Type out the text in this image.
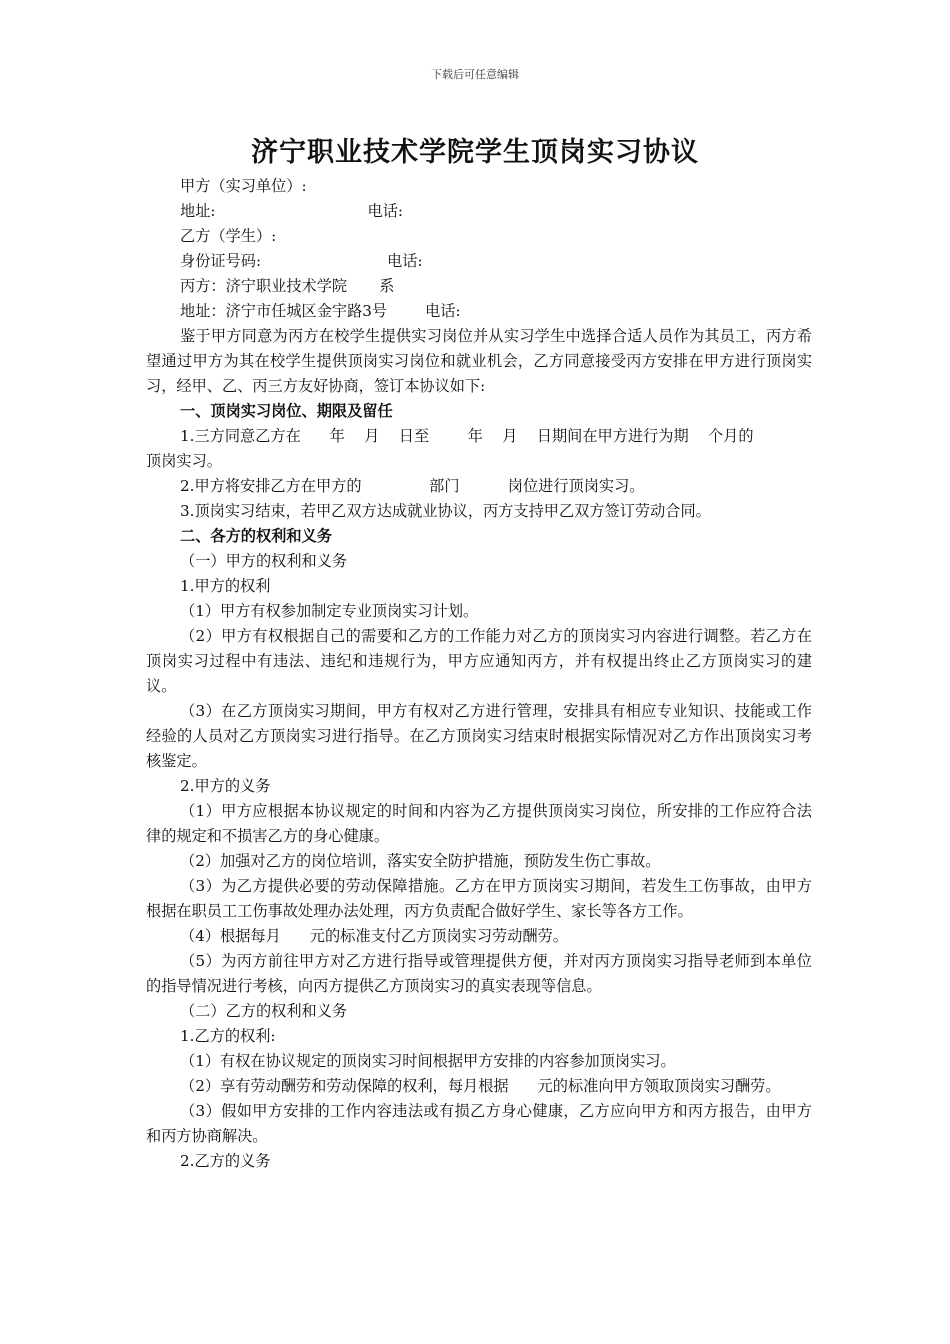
下载后可任意编辑
济宁职业技术学院学生顶岗实习协议
甲方（实习单位）:
地址:	电话:
乙方（学生）:
身份证号码:	电话:
丙方：济宁职业技术学院 系
地址：济宁市任城区金宇路3号	电话:
鉴于甲方同意为丙方在校学生提供实习岗位并从实习学生中选择合适人员作为其员工，丙方希望通过甲方为其在校学生提供顶岗实习岗位和就业机会，乙方同意接受丙方安排在甲方进行顶岗实习，经甲、乙、丙三方友好协商，签订本协议如下:
一、顶岗实习岗位、期限及留任
1.三方同意乙方在      年    月    日至        年    月    日期间在甲方进行为期    个月的
顶岗实习。
2.甲方将安排乙方在甲方的              部门          岗位进行顶岗实习。
3.顶岗实习结束，若甲乙双方达成就业协议，丙方支持甲乙双方签订劳动合同。
二、各方的权利和义务
（一）甲方的权利和义务
1.甲方的权利
（1）甲方有权参加制定专业顶岗实习计划。
（2）甲方有权根据自己的需要和乙方的工作能力对乙方的顶岗实习内容进行调整。若乙方在顶岗实习过程中有违法、违纪和违规行为，甲方应通知丙方，并有权提出终止乙方顶岗实习的建议。
（3）在乙方顶岗实习期间，甲方有权对乙方进行管理，安排具有相应专业知识、技能或工作经验的人员对乙方顶岗实习进行指导。在乙方顶岗实习结束时根据实际情况对乙方作出顶岗实习考核鉴定。
2.甲方的义务
（1）甲方应根据本协议规定的时间和内容为乙方提供顶岗实习岗位，所安排的工作应符合法律的规定和不损害乙方的身心健康。
（2）加强对乙方的岗位培训，落实安全防护措施，预防发生伤亡事故。
（3）为乙方提供必要的劳动保障措施。乙方在甲方顶岗实习期间，若发生工伤事故，由甲方根据在职员工工伤事故处理办法处理，丙方负责配合做好学生、家长等各方工作。
（4）根据每月      元的标准支付乙方顶岗实习劳动酬劳。
（5）为丙方前往甲方对乙方进行指导或管理提供方便，并对丙方顶岗实习指导老师到本单位的指导情况进行考核，向丙方提供乙方顶岗实习的真实表现等信息。
（二）乙方的权利和义务
1.乙方的权利:
（1）有权在协议规定的顶岗实习时间根据甲方安排的内容参加顶岗实习。
（2）享有劳动酬劳和劳动保障的权利，每月根据      元的标准向甲方领取顶岗实习酬劳。
（3）假如甲方安排的工作内容违法或有损乙方身心健康，乙方应向甲方和丙方报告，由甲方和丙方协商解决。
2.乙方的义务
